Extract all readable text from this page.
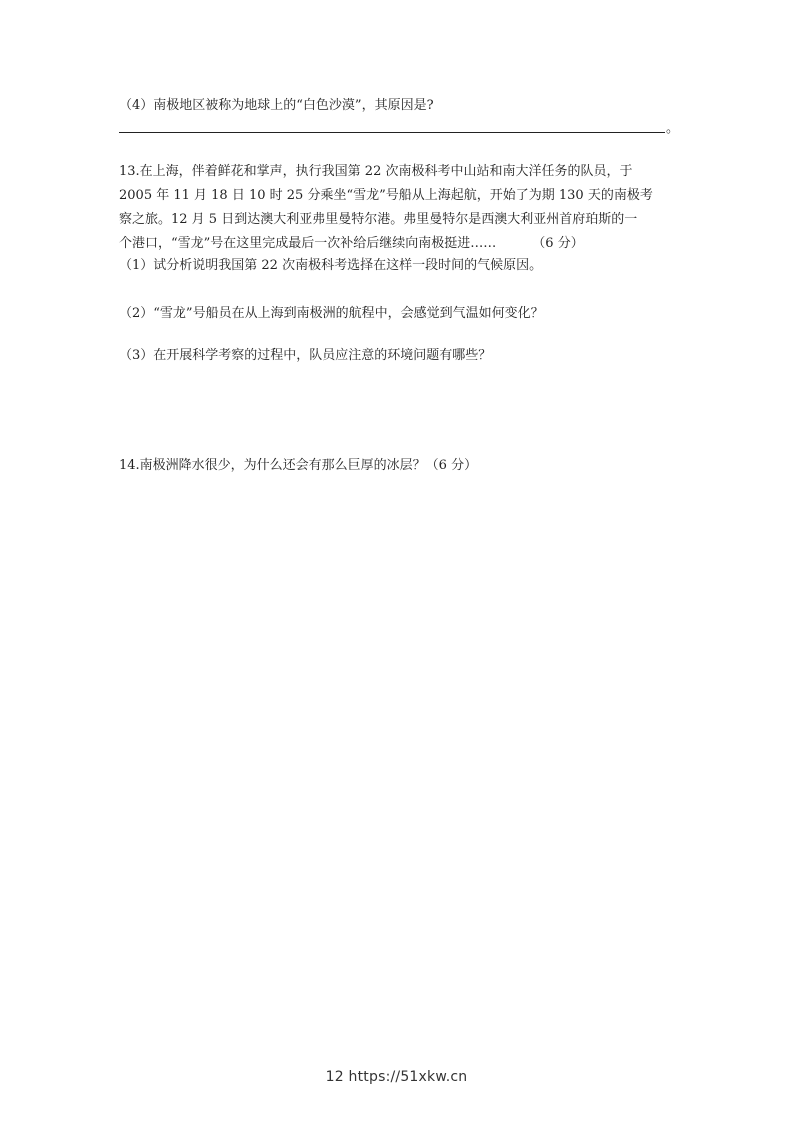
（4）南极地区被称为地球上的“白色沙漠”，其原因是?
。
13.在上海，伴着鲜花和掌声，执行我国第 22 次南极科考中山站和南大洋任务的队员，于
2005 年 11 月 18 日 10 时 25 分乘坐“雪龙”号船从上海起航，开始了为期 130 天的南极考
察之旅。12 月 5 日到达澳大利亚弗里曼特尔港。弗里曼特尔是西澳大利亚州首府珀斯的一
个港口，“雪龙”号在这里完成最后一次补给后继续向南极挺进……	（6 分）
（1）试分析说明我国第 22 次南极科考选择在这样一段时间的气候原因。
（2）“雪龙”号船员在从上海到南极洲的航程中，会感觉到气温如何变化？
（3）在开展科学考察的过程中，队员应注意的环境问题有哪些？
14.南极洲降水很少，为什么还会有那么巨厚的冰层？（6 分）
12 https://51xkw.cn
